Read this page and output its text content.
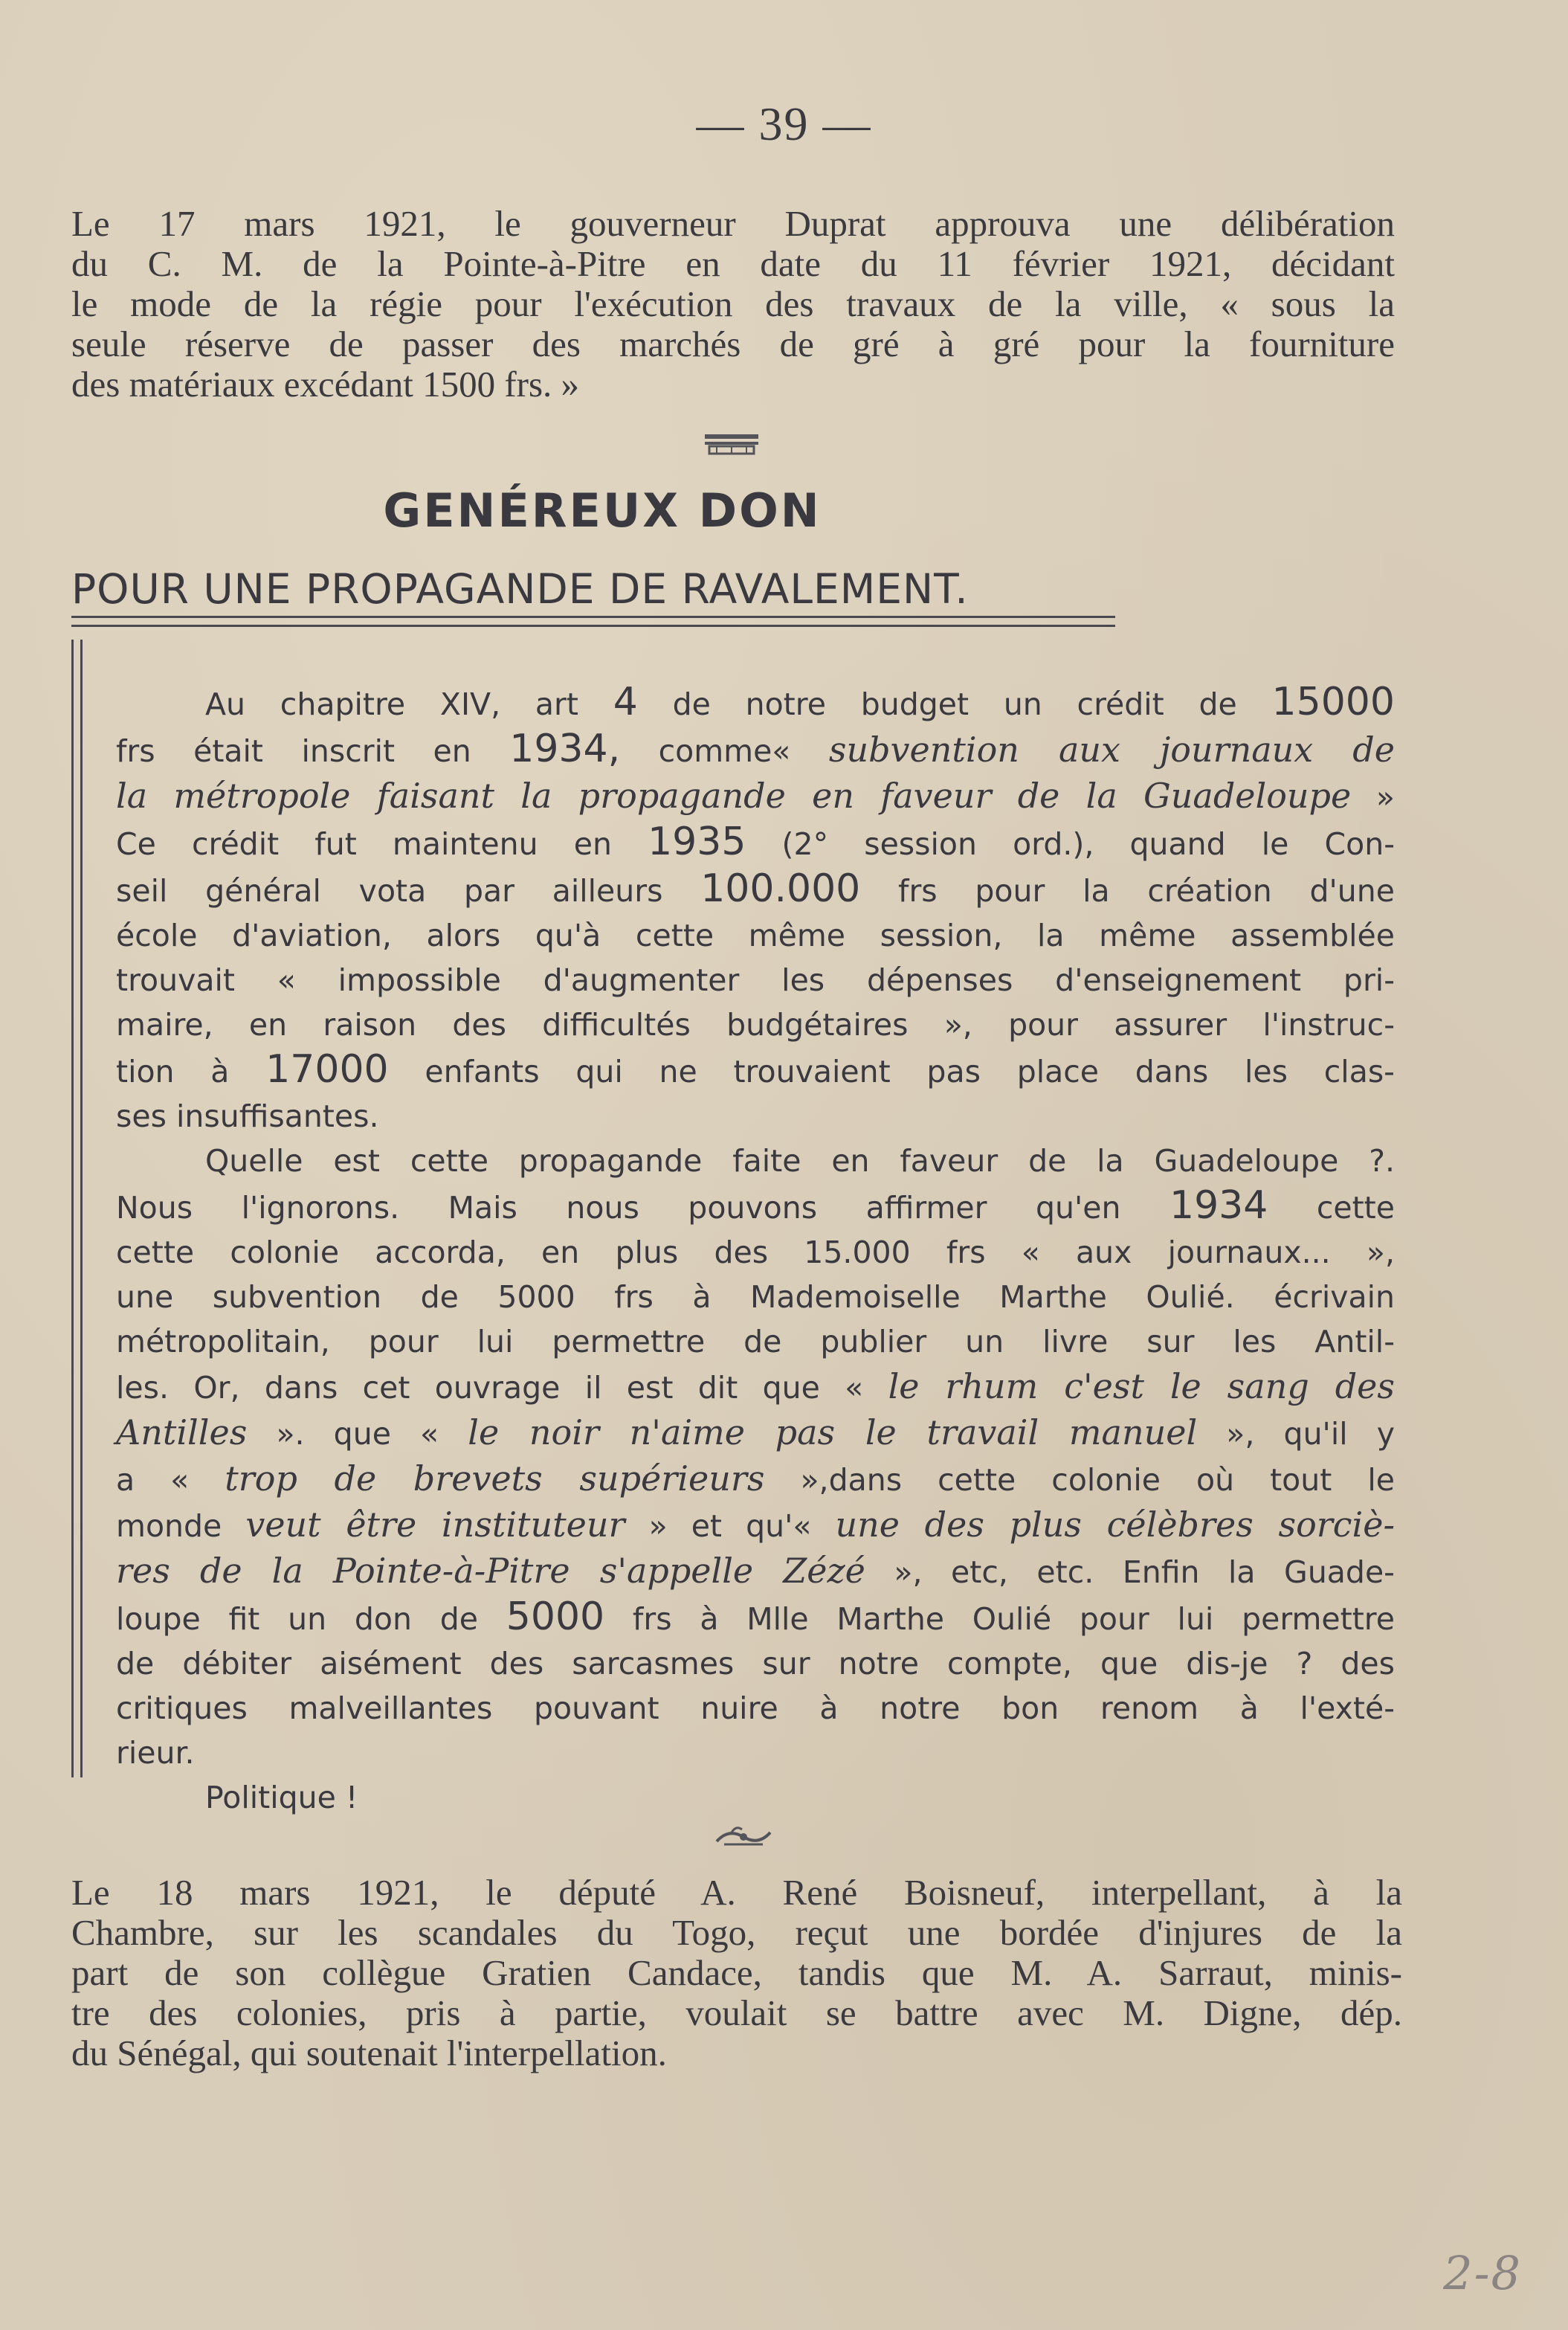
— 39 —
Le 17 mars 1921, le gouverneur Duprat approuva une délibération
du C. M. de la Pointe-à-Pitre en date du 11 février 1921, décidant
le mode de la régie pour l'exécution des travaux de la ville, « sous la
seule réserve de passer des marchés de gré à gré pour la fourniture
des matériaux excédant 1500 frs. »
GENÉREUX DON
POUR UNE PROPAGANDE DE RAVALEMENT.
Au chapitre XIV, art 4 de notre budget un crédit de 15000
frs était inscrit en 1934, comme« subvention aux journaux de
la métropole faisant la propagande en faveur de la Guadeloupe »
Ce crédit fut maintenu en 1935 (2° session ord.), quand le Con-
seil général vota par ailleurs 100.000 frs pour la création d'une
école d'aviation, alors qu'à cette même session, la même assemblée
trouvait « impossible d'augmenter les dépenses d'enseignement pri-
maire, en raison des difficultés budgétaires », pour assurer l'instruc-
tion à 17000 enfants qui ne trouvaient pas place dans les clas-
ses insuffisantes.
Quelle est cette propagande faite en faveur de la Guadeloupe ?.
Nous l'ignorons. Mais nous pouvons affirmer qu'en 1934 cette
cette colonie accorda, en plus des 15.000 frs « aux journaux... »,
une subvention de 5000 frs à Mademoiselle Marthe Oulié. écrivain
métropolitain, pour lui permettre de publier un livre sur les Antil-
les. Or, dans cet ouvrage il est dit que « le rhum c'est le sang des
Antilles ». que « le noir n'aime pas le travail manuel », qu'il y
a « trop de brevets supérieurs »,dans cette colonie où tout le
monde veut être instituteur » et qu'« une des plus célèbres sorciè-
res de la Pointe-à-Pitre s'appelle Zézé », etc, etc. Enfin la Guade-
loupe fit un don de 5000 frs à Mlle Marthe Oulié pour lui permettre
de débiter aisément des sarcasmes sur notre compte, que dis-je ? des
critiques malveillantes pouvant nuire à notre bon renom à l'exté-
rieur.
Politique !
Le 18 mars 1921, le député A. René Boisneuf, interpellant, à la
Chambre, sur les scandales du Togo, reçut une bordée d'injures de la
part de son collègue Gratien Candace, tandis que M. A. Sarraut, minis-
tre des colonies, pris à partie, voulait se battre avec M. Digne, dép.
du Sénégal, qui soutenait l'interpellation.
2-8
